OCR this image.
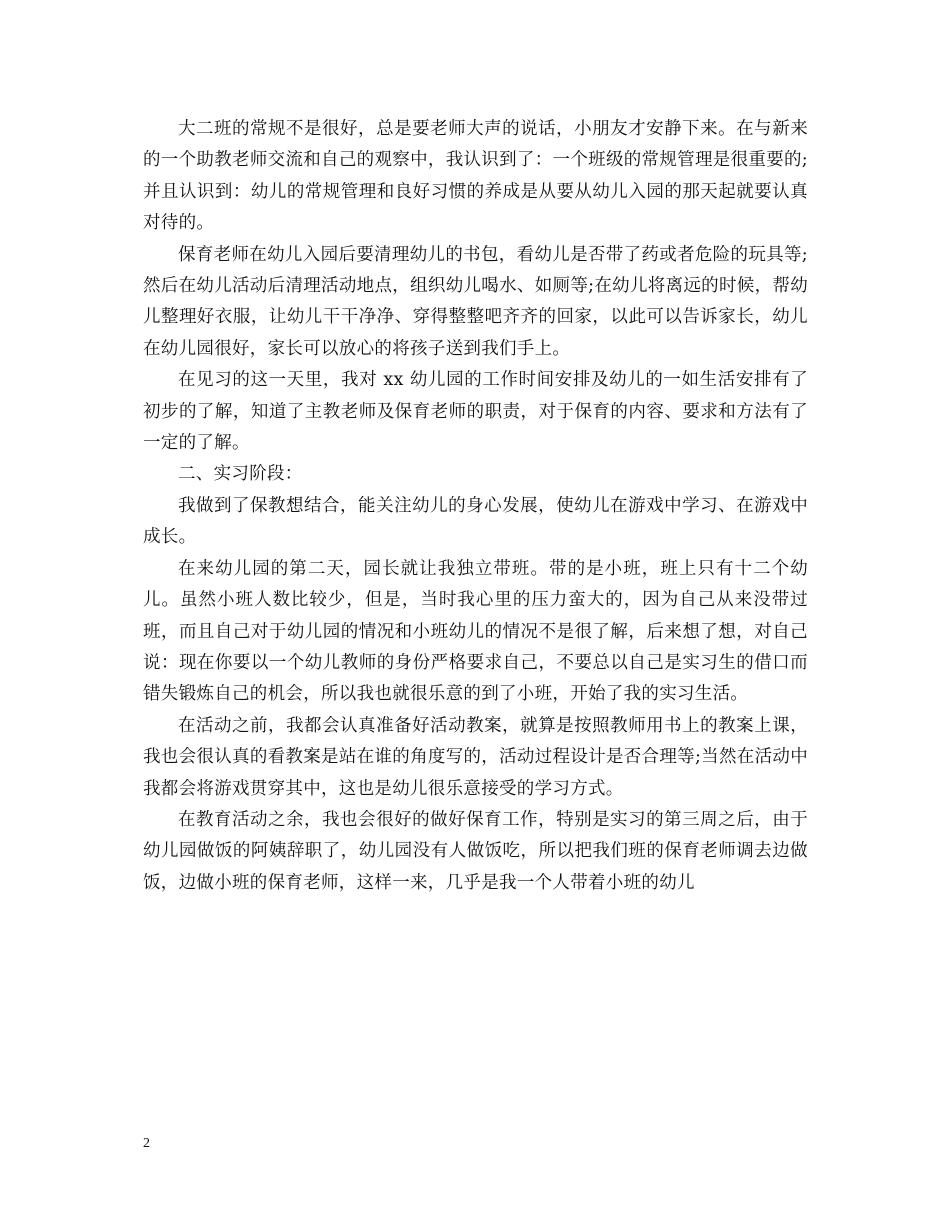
大二班的常规不是很好，总是要老师大声的说话，小朋友才安静下来。在与新来的一个助教老师交流和自己的观察中，我认识到了：一个班级的常规管理是很重要的;并且认识到：幼儿的常规管理和良好习惯的养成是从要从幼儿入园的那天起就要认真对待的。

保育老师在幼儿入园后要清理幼儿的书包，看幼儿是否带了药或者危险的玩具等;然后在幼儿活动后清理活动地点，组织幼儿喝水、如厕等;在幼儿将离远的时候，帮幼儿整理好衣服，让幼儿干干净净、穿得整整吧齐齐的回家，以此可以告诉家长，幼儿在幼儿园很好，家长可以放心的将孩子送到我们手上。

在见习的这一天里，我对 xx 幼儿园的工作时间安排及幼儿的一如生活安排有了初步的了解，知道了主教老师及保育老师的职责，对于保育的内容、要求和方法有了一定的了解。

二、实习阶段：

我做到了保教想结合，能关注幼儿的身心发展，使幼儿在游戏中学习、在游戏中成长。

在来幼儿园的第二天，园长就让我独立带班。带的是小班，班上只有十二个幼儿。虽然小班人数比较少，但是，当时我心里的压力蛮大的，因为自己从来没带过班，而且自己对于幼儿园的情况和小班幼儿的情况不是很了解，后来想了想，对自己说：现在你要以一个幼儿教师的身份严格要求自己，不要总以自己是实习生的借口而错失锻炼自己的机会，所以我也就很乐意的到了小班，开始了我的实习生活。

在活动之前，我都会认真准备好活动教案，就算是按照教师用书上的教案上课，我也会很认真的看教案是站在谁的角度写的，活动过程设计是否合理等;当然在活动中我都会将游戏贯穿其中，这也是幼儿很乐意接受的学习方式。

在教育活动之余，我也会很好的做好保育工作，特别是实习的第三周之后，由于幼儿园做饭的阿姨辞职了，幼儿园没有人做饭吃，所以把我们班的保育老师调去边做饭，边做小班的保育老师，这样一来，几乎是我一个人带着小班的幼儿

2
